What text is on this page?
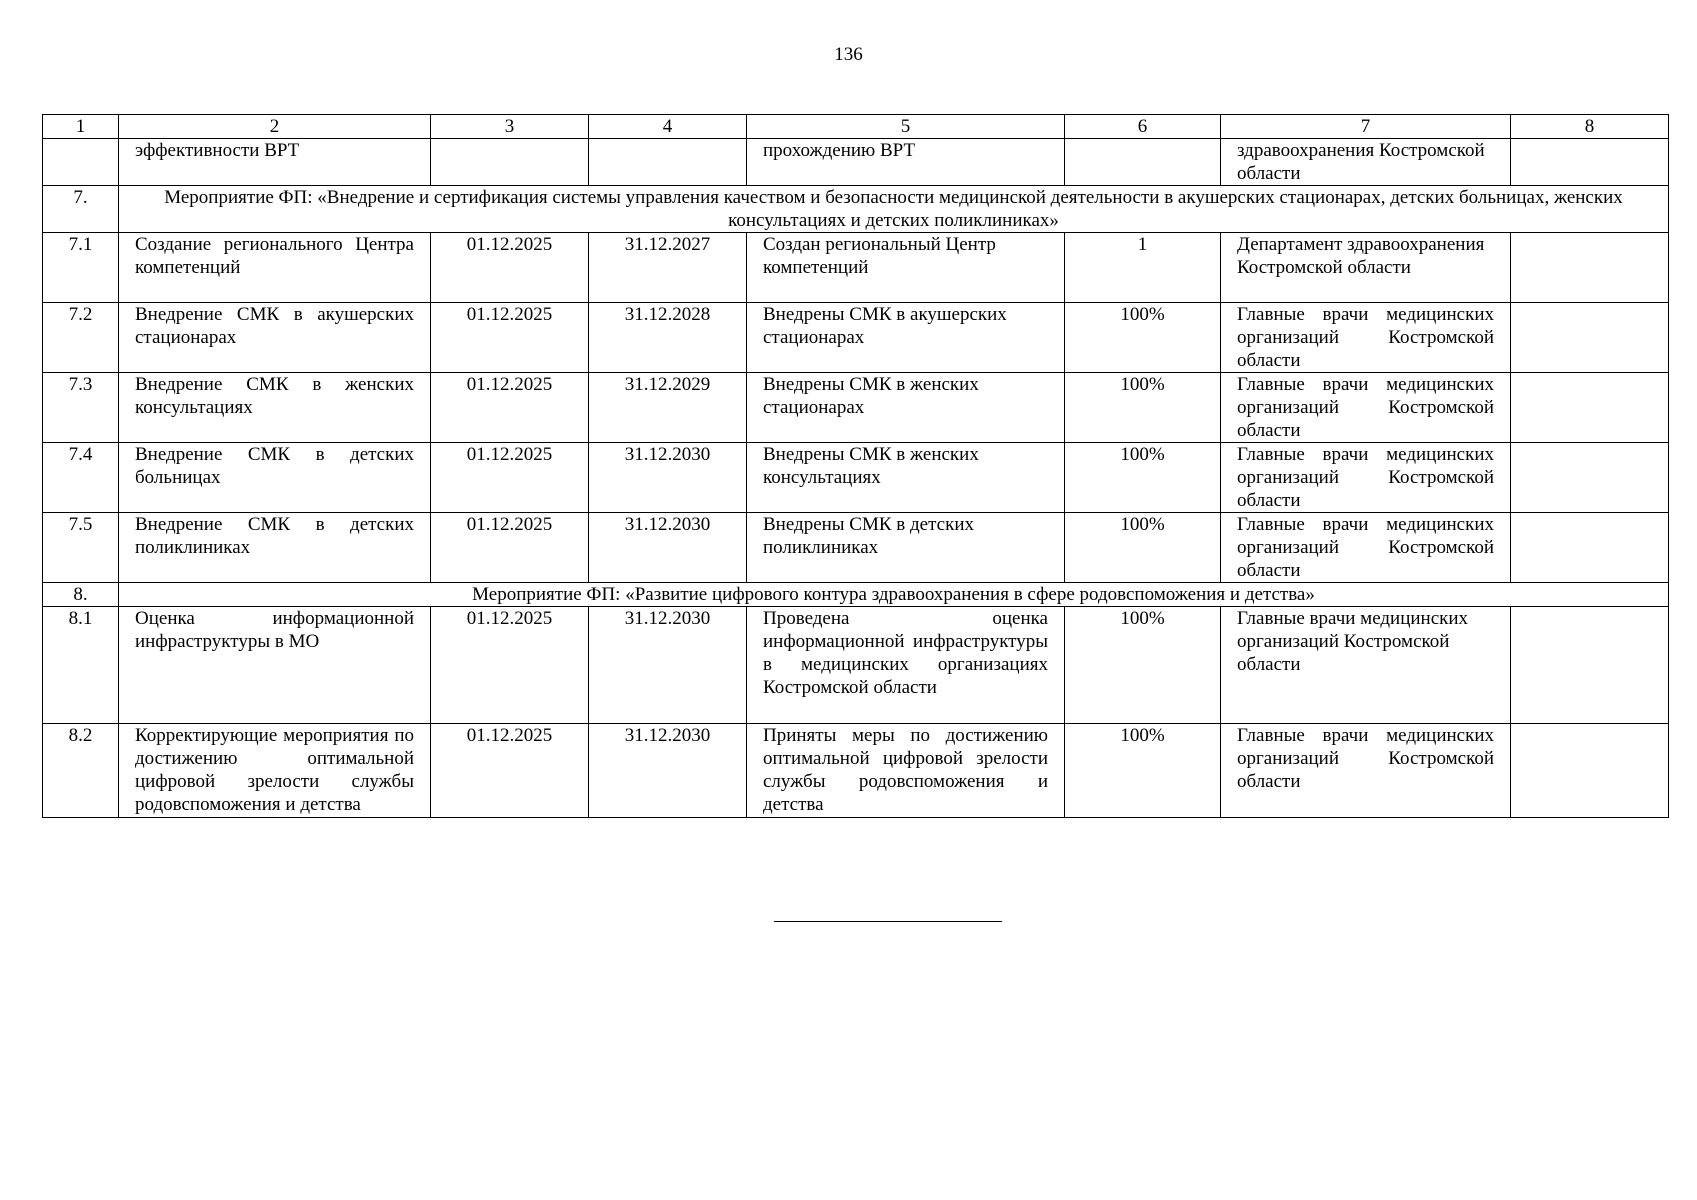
136
1	2	3	4	5	6	7	8
	эффективности ВРТ			прохождению ВРТ		здравоохранения Костромской области	
7.	Мероприятие ФП: «Внедрение и сертификация системы управления качеством и безопасности медицинской деятельности в акушерских стационарах, детских больницах, женских консультациях и детских поликлиниках»						
7.1	Создание регионального Центра компетенций	01.12.2025	31.12.2027	Создан региональный Центр компетенций	1	Департамент здравоохранения Костромской области	
7.2	Внедрение СМК в акушерских стационарах	01.12.2025	31.12.2028	Внедрены СМК в акушерских стационарах	100%	Главные врачи медицинских организаций Костромской области	
7.3	Внедрение СМК в женских консультациях	01.12.2025	31.12.2029	Внедрены СМК в женских стационарах	100%	Главные врачи медицинских организаций Костромской области	
7.4	Внедрение СМК в детских больницах	01.12.2025	31.12.2030	Внедрены СМК в женских консультациях	100%	Главные врачи медицинских организаций Костромской области	
7.5	Внедрение СМК в детских поликлиниках	01.12.2025	31.12.2030	Внедрены СМК в детских поликлиниках	100%	Главные врачи медицинских организаций Костромской области	
8.	Мероприятие ФП: «Развитие цифрового контура здравоохранения в сфере родовспоможения и детства»						
8.1	Оценка информационной инфраструктуры в МО	01.12.2025	31.12.2030	Проведена оценка информационной инфраструктуры в медицинских организациях Костромской области	100%	Главные врачи медицинских организаций Костромской области	
8.2	Корректирующие мероприятия по достижению оптимальной цифровой зрелости службы родовспоможения и детства	01.12.2025	31.12.2030	Приняты меры по достижению оптимальной цифровой зрелости службы родовспоможения и детства	100%	Главные врачи медицинских организаций Костромской области	
